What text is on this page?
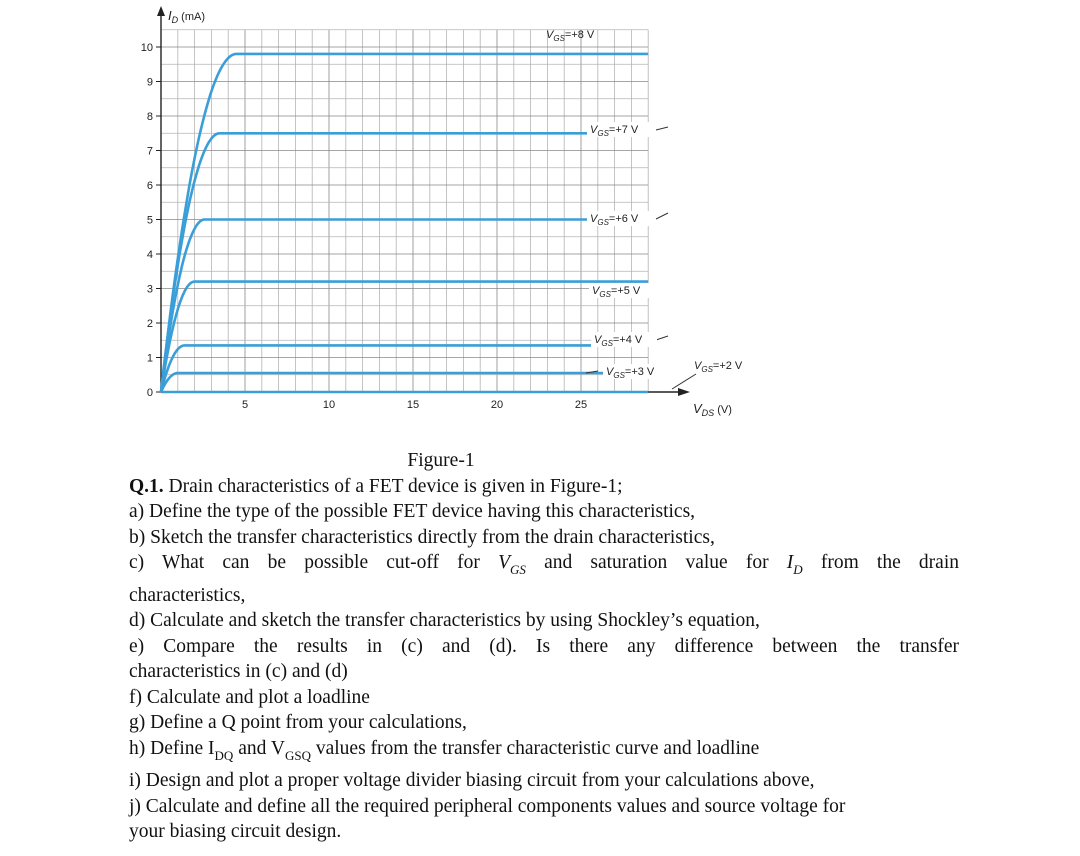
0
1
2
3
4
5
6
7
8
9
10
5	10	15	20	25
$V_{GS}=+8$ V
$V_{GS}=+7$ V
$V_{GS}=+6$ V
$V_{GS}=+5$ V
$V_{GS}=+4$ V
$V_{GS}=+3$ V	$V_{GS}=+2$ V
$I_D$ (mA)
$V_{DS}$ (V)
Figure-1
Q.1. Drain characteristics of a FET device is given in Figure-1;
a) Define the type of the possible FET device having this characteristics,
b) Sketch the transfer characteristics directly from the drain characteristics,
c) What can be possible cut-off for $V_{GS}$ and saturation value for $I_D$ from the drain
characteristics,
d) Calculate and sketch the transfer characteristics by using Shockley’s equation,
e) Compare the results in (c) and (d). Is there any difference between the transfer
characteristics in (c) and (d)
f) Calculate and plot a loadline
g) Define a Q point from your calculations,
h) Define $I_{DQ}$ and $V_{GSQ}$ values from the transfer characteristic curve and loadline
i) Design and plot a proper voltage divider biasing circuit from your calculations above,
j) Calculate and define all the required peripheral components values and source voltage for
your biasing circuit design.
